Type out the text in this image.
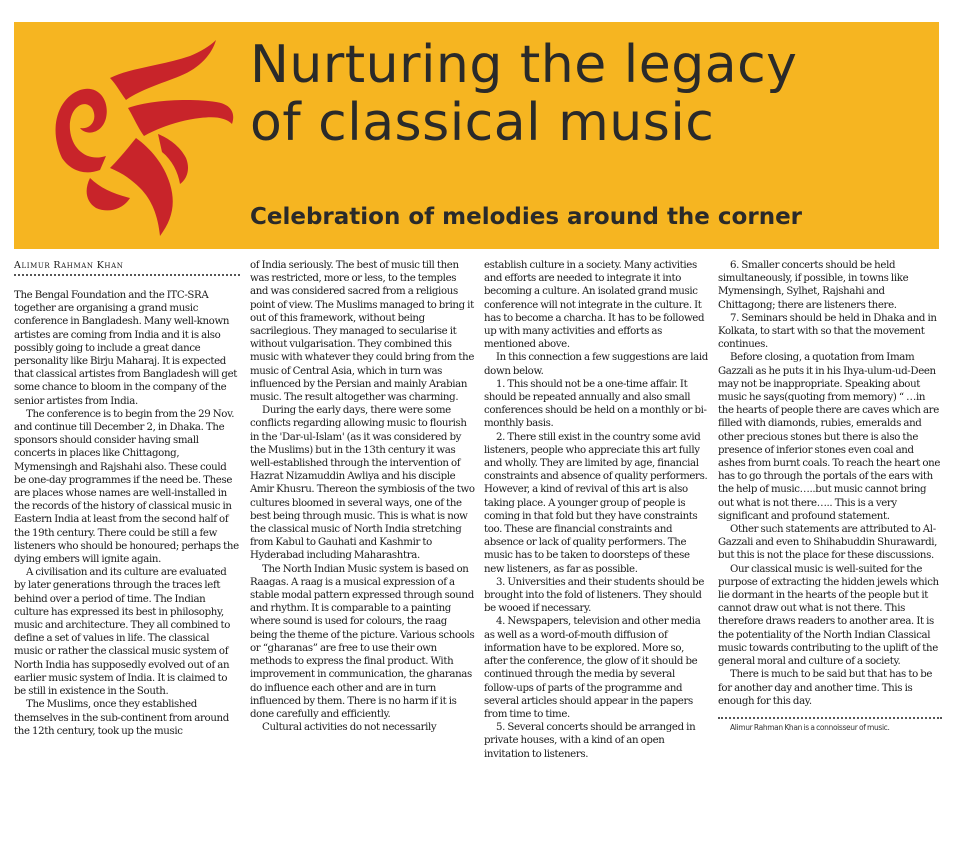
Nurturing the legacy
of classical music
Celebration of melodies around the corner
Alimur Rahman Khan

The Bengal Foundation and the ITC-SRA together are organising a grand music conference in Bangladesh. Many well-known artistes are coming from India and it is also possibly going to include a great dance personality like Birju Maharaj. It is expected that classical artistes from Bangladesh will get some chance to bloom in the company of the senior artistes from India.

The conference is to begin from the 29 Nov. and continue till December 2, in Dhaka. The sponsors should consider having small concerts in places like Chittagong, Mymensingh and Rajshahi also. These could be one-day programmes if the need be. These are places whose names are well-installed in the records of the history of classical music in Eastern India at least from the second half of the 19th century. There could be still a few listeners who should be honoured; perhaps the dying embers will ignite again.

A civilisation and its culture are evaluated by later generations through the traces left behind over a period of time. The Indian culture has expressed its best in philosophy, music and architecture. They all combined to define a set of values in life. The classical music or rather the classical music system of North India has supposedly evolved out of an earlier music system of India. It is claimed to be still in existence in the South.

The Muslims, once they established themselves in the sub-continent from around the 12th century, took up the music

of India seriously. The best of music till then was restricted, more or less, to the temples and was considered sacred from a religious point of view. The Muslims managed to bring it out of this framework, without being sacrilegious. They managed to secularise it without vulgarisation. They combined this music with whatever they could bring from the music of Central Asia, which in turn was influenced by the Persian and mainly Arabian music. The result altogether was charming.

During the early days, there were some conflicts regarding allowing music to flourish in the 'Dar-ul-Islam' (as it was considered by the Muslims) but in the 13th century it was well-established through the intervention of Hazrat Nizamuddin Awliya and his disciple Amir Khusru. Thereon the symbiosis of the two cultures bloomed in several ways, one of the best being through music. This is what is now the classical music of North India stretching from Kabul to Gauhati and Kashmir to Hyderabad including Maharashtra.

The North Indian Music system is based on Raagas. A raag is a musical expression of a stable modal pattern expressed through sound and rhythm. It is comparable to a painting where sound is used for colours, the raag being the theme of the picture. Various schools or “gharanas” are free to use their own methods to express the final product. With improvement in communication, the gharanas do influence each other and are in turn influenced by them. There is no harm if it is done carefully and efficiently.

Cultural activities do not necessarily

establish culture in a society. Many activities and efforts are needed to integrate it into becoming a culture. An isolated grand music conference will not integrate in the culture. It has to become a charcha. It has to be followed up with many activities and efforts as mentioned above.

In this connection a few suggestions are laid down below.

1. This should not be a one-time affair. It should be repeated annually and also small conferences should be held on a monthly or bi-monthly basis.

2. There still exist in the country some avid listeners, people who appreciate this art fully and wholly. They are limited by age, financial constraints and absence of quality performers. However, a kind of revival of this art is also taking place. A younger group of people is coming in that fold but they have constraints too. These are financial constraints and absence or lack of quality performers. The music has to be taken to doorsteps of these new listeners, as far as possible.

3. Universities and their students should be brought into the fold of listeners. They should be wooed if necessary.

4. Newspapers, television and other media as well as a word-of-mouth diffusion of information have to be explored. More so, after the conference, the glow of it should be continued through the media by several follow-ups of parts of the programme and several articles should appear in the papers from time to time.

5. Several concerts should be arranged in private houses, with a kind of an open invitation to listeners.

6. Smaller concerts should be held simultaneously, if possible, in towns like Mymensingh, Sylhet, Rajshahi and Chittagong; there are listeners there.

7. Seminars should be held in Dhaka and in Kolkata, to start with so that the movement continues.

Before closing, a quotation from Imam Gazzali as he puts it in his Ihya-ulum-ud-Deen may not be inappropriate. Speaking about music he says(quoting from memory) “ …in the hearts of people there are caves which are filled with diamonds, rubies, emeralds and other precious stones but there is also the presence of inferior stones even coal and ashes from burnt coals. To reach the heart one has to go through the portals of the ears with the help of music…..but music cannot bring out what is not there….. This is a very significant and profound statement.

Other such statements are attributed to Al- Gazzali and even to Shihabuddin Shurawardi, but this is not the place for these discussions.

Our classical music is well-suited for the purpose of extracting the hidden jewels which lie dormant in the hearts of the people but it cannot draw out what is not there. This therefore draws readers to another area. It is the potentiality of the North Indian Classical music towards contributing to the uplift of the general moral and culture of a society.

There is much to be said but that has to be for another day and another time. This is enough for this day.

Alimur Rahman Khan is a connoisseur of music.
